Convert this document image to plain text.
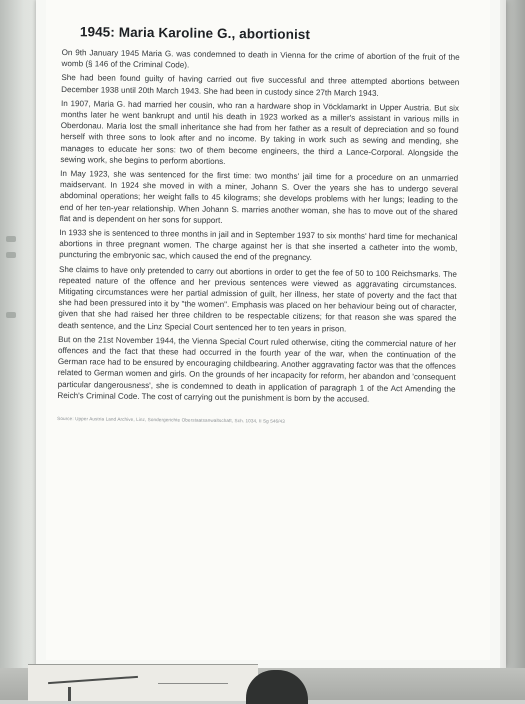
1945: Maria Karoline G., abortionist

On 9th January 1945 Maria G. was condemned to death in Vienna for the crime of abortion of the fruit of the womb (§ 146 of the Criminal Code).

She had been found guilty of having carried out five successful and three attempted abortions between December 1938 until 20th March 1943. She had been in custody since 27th March 1943.

In 1907, Maria G. had married her cousin, who ran a hardware shop in Vöcklamarkt in Upper Austria. But six months later he went bankrupt and until his death in 1923 worked as a miller's assistant in various mills in Oberdonau. Maria lost the small inheritance she had from her father as a result of depreciation and so found herself with three sons to look after and no income. By taking in work such as sewing and mending, she manages to educate her sons: two of them become engineers, the third a Lance-Corporal. Alongside the sewing work, she begins to perform abortions.

In May 1923, she was sentenced for the first time: two months' jail time for a procedure on an unmarried maidservant. In 1924 she moved in with a miner, Johann S. Over the years she has to undergo several abdominal operations; her weight falls to 45 kilograms; she develops problems with her lungs; leading to the end of her ten-year relationship. When Johann S. marries another woman, she has to move out of the shared flat and is dependent on her sons for support.

In 1933 she is sentenced to three months in jail and in September 1937 to six months' hard time for mechanical abortions in three pregnant women. The charge against her is that she inserted a catheter into the womb, puncturing the embryonic sac, which caused the end of the pregnancy.

She claims to have only pretended to carry out abortions in order to get the fee of 50 to 100 Reichsmarks. The repeated nature of the offence and her previous sentences were viewed as aggravating circumstances. Mitigating circumstances were her partial admission of guilt, her illness, her state of poverty and the fact that she had been pressured into it by "the women". Emphasis was placed on her behaviour being out of character, given that she had raised her three children to be respectable citizens; for that reason she was spared the death sentence, and the Linz Special Court sentenced her to ten years in prison.

But on the 21st November 1944, the Vienna Special Court ruled otherwise, citing the commercial nature of her offences and the fact that these had occurred in the fourth year of the war, when the continuation of the German race had to be ensured by encouraging childbearing. Another aggravating factor was that the offences related to German women and girls. On the grounds of her incapacity for reform, her abandon and 'consequent particular dangerousness', she is condemned to death in application of paragraph 1 of the Act Amending the Reich's Criminal Code. The cost of carrying out the punishment is born by the accused.

Source: Upper Austria Land Archive, Linz, Sondergerichte Oberstaatsanwaltschaft, Sch. 1034, II Sg 546/43
